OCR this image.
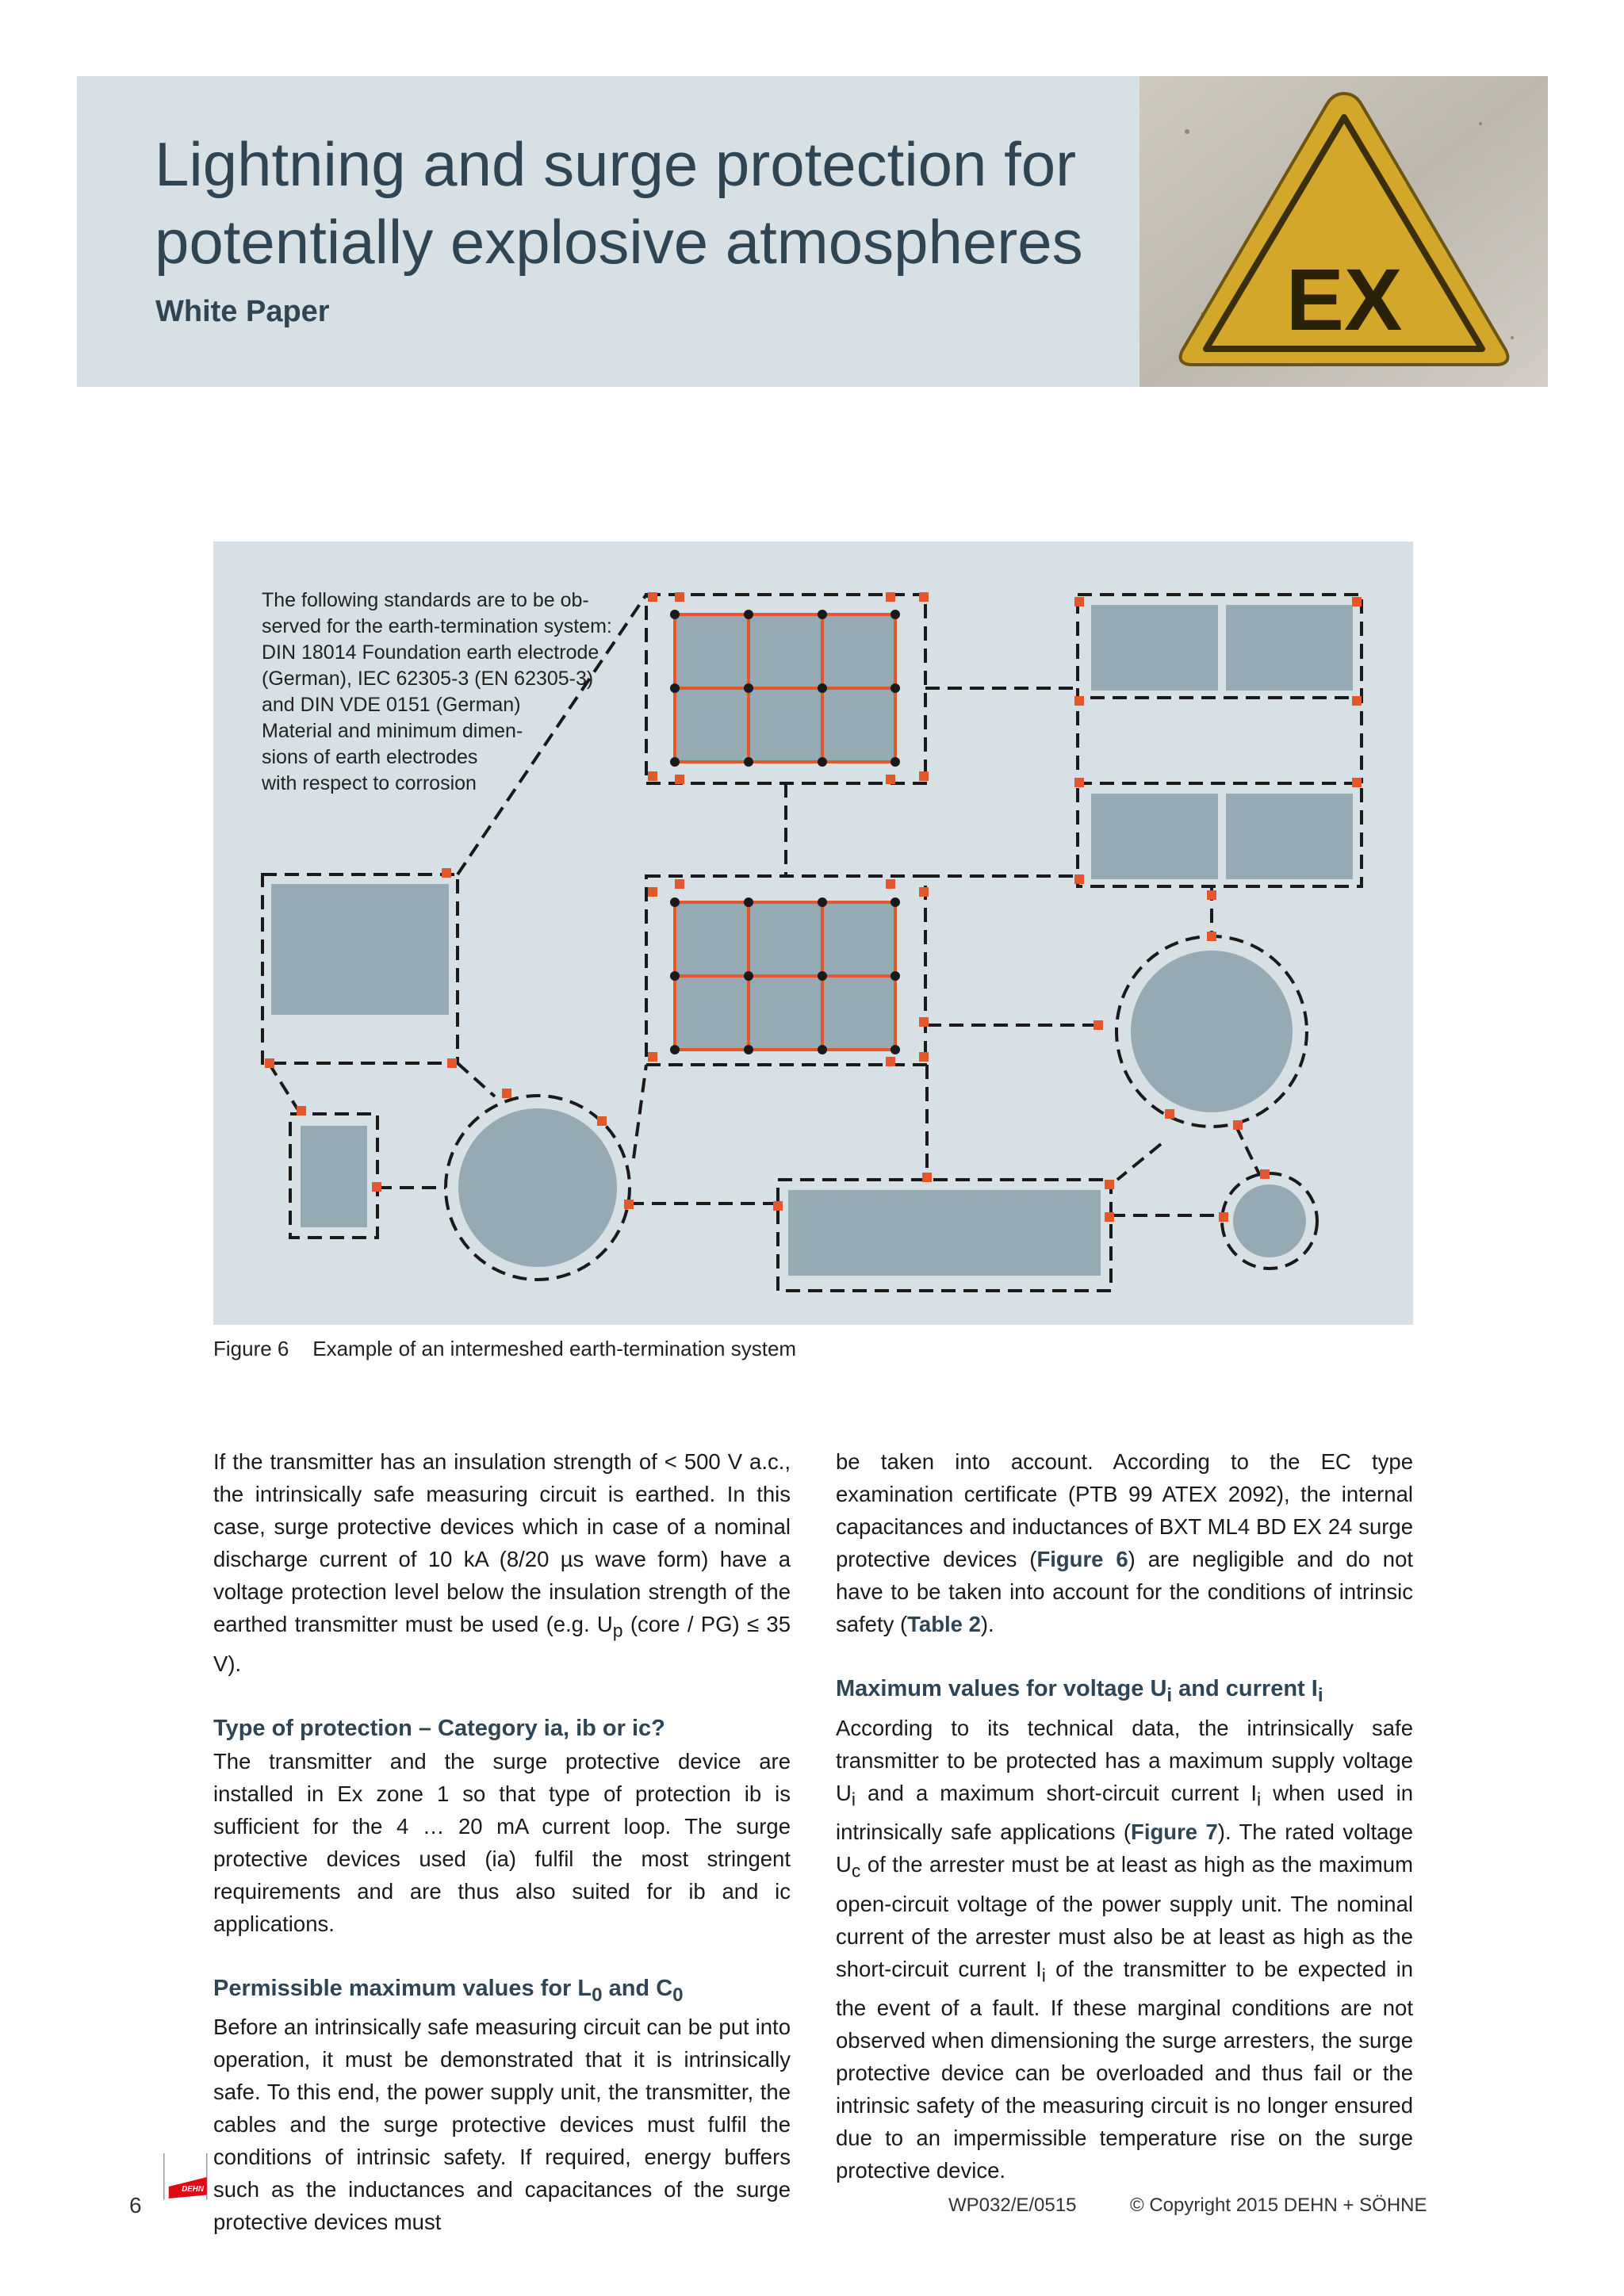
Lightning and surge protection for
potentially explosive atmospheres
White Paper	EX
The following standards are to be ob- served for the earth-termination system: DIN 18014 Foundation earth electrode (German), IEC 62305-3 (EN 62305-3) and DIN VDE 0151 (German) Material and minimum dimen- sions of earth electrodes with respect to corrosion
Figure 6 Example of an intermeshed earth-termination system

If the transmitter has an insulation strength of < 500 V a.c., the intrinsically safe measuring circuit is earthed. In this case, surge protective devices which in case of a nominal discharge current of 10 kA (8/20 µs wave form) have a voltage protection level below the insulation strength of the earthed transmitter must be used (e.g. $U_p$ (core / PG) ≤ 35 V).

Type of protection – Category ia, ib or ic?

The transmitter and the surge protective device are installed in Ex zone 1 so that type of protection ib is sufficient for the 4 … 20 mA current loop. The surge protective devices used (ia) fulfil the most stringent requirements and are thus also suited for ib and ic applications.

Permissible maximum values for $L_0$ and $C_0$

Before an intrinsically safe measuring circuit can be put into operation, it must be demonstrated that it is intrinsically safe. To this end, the power supply unit, the transmitter, the cables and the surge protective devices must fulfil the conditions of intrinsic safety. If required, energy buffers such as the inductances and capacitances of the surge protective devices must

be taken into account. According to the EC type examination certificate (PTB 99 ATEX 2092), the internal capacitances and inductances of BXT ML4 BD EX 24 surge protective devices (Figure 6) are negligible and do not have to be taken into account for the conditions of intrinsic safety (Table 2).

Maximum values for voltage $U_i$ and current $I_i$

According to its technical data, the intrinsically safe transmitter to be protected has a maximum supply voltage $U_i$ and a maximum short-circuit current $I_i$ when used in intrinsically safe applications (Figure 7). The rated voltage $U_c$ of the arrester must be at least as high as the maximum open-circuit voltage of the power supply unit. The nominal current of the arrester must also be at least as high as the short-circuit current $I_i$ of the transmitter to be expected in the event of a fault. If these marginal conditions are not observed when dimensioning the surge arresters, the surge protective device can be overloaded and thus fail or the intrinsic safety of the measuring circuit is no longer ensured due to an impermissible temperature rise on the surge protective device.

DEHN
6	WP032/E/0515	© Copyright 2015 DEHN + SÖHNE
